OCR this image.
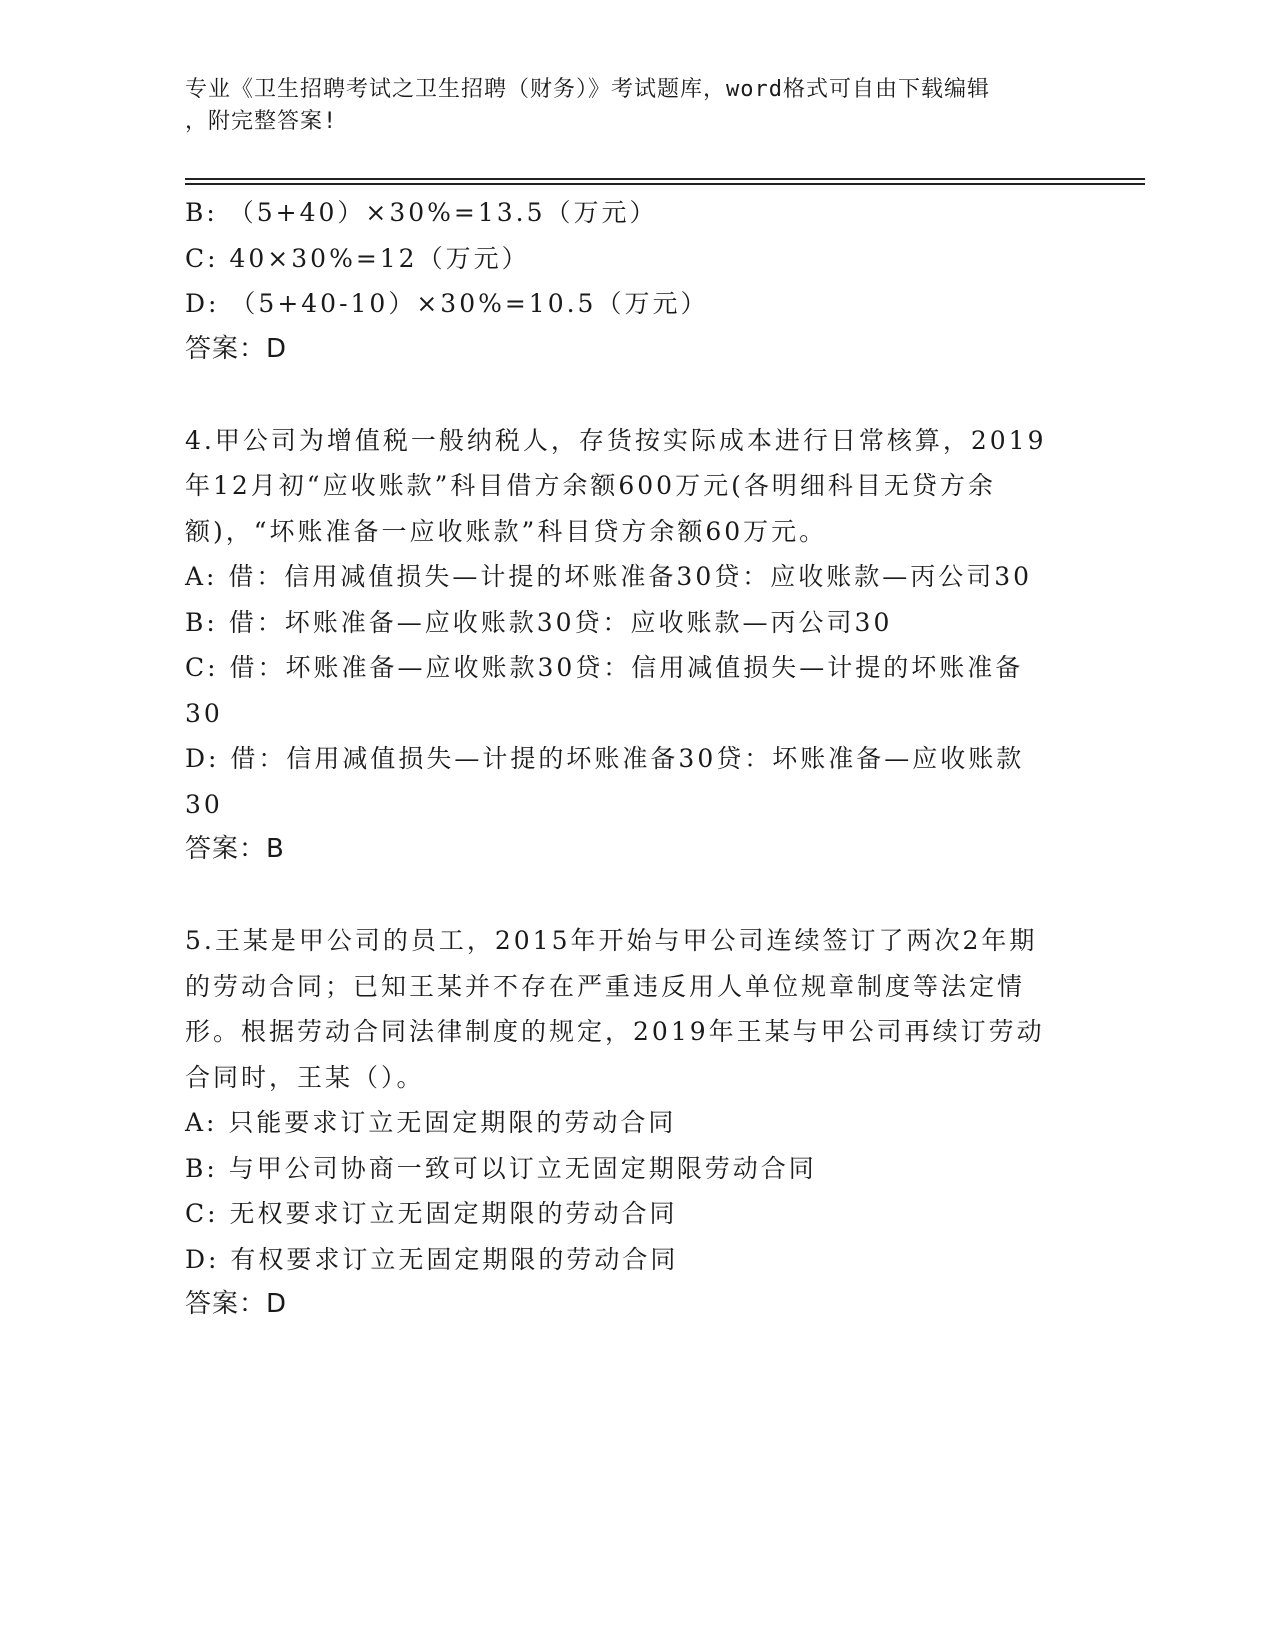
专业《卫生招聘考试之卫生招聘（财务）》考试题库，word格式可自由下载编辑
，附完整答案!
B: （5+40）×30%=13.5（万元）
C: 40×30%=12（万元）
D: （5+40-10）×30%=10.5（万元）
答案：D
4.甲公司为增值税一般纳税人，存货按实际成本进行日常核算，2019
年12月初“应收账款”科目借方余额600万元(各明细科目无贷方余
额)，“坏账准备一应收账款”科目贷方余额60万元。
A: 借：信用减值损失—计提的坏账准备30贷：应收账款—丙公司30
B: 借：坏账准备—应收账款30贷：应收账款—丙公司30
C: 借：坏账准备—应收账款30贷：信用减值损失—计提的坏账准备
30
D: 借：信用减值损失—计提的坏账准备30贷：坏账准备—应收账款
30
答案：B
5.王某是甲公司的员工，2015年开始与甲公司连续签订了两次2年期
的劳动合同；已知王某并不存在严重违反用人单位规章制度等法定情
形。根据劳动合同法律制度的规定，2019年王某与甲公司再续订劳动
合同时，王某（）。
A: 只能要求订立无固定期限的劳动合同
B: 与甲公司协商一致可以订立无固定期限劳动合同
C: 无权要求订立无固定期限的劳动合同
D: 有权要求订立无固定期限的劳动合同
答案：D
